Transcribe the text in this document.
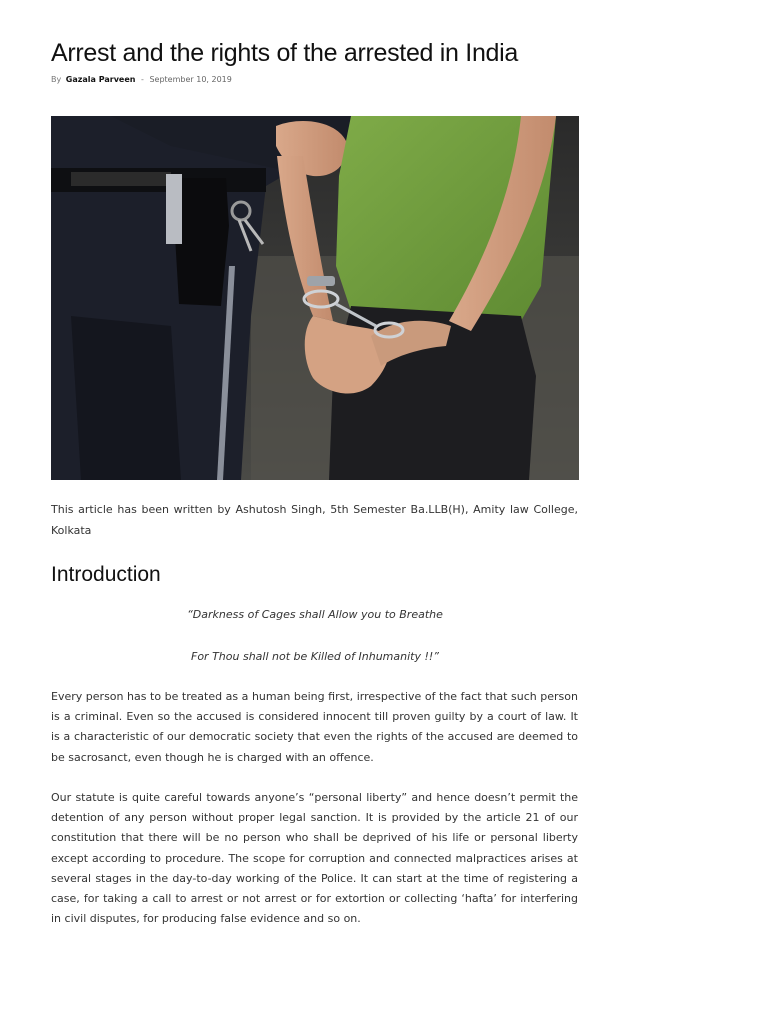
Arrest and the rights of the arrested in India
By Gazala Parveen - September 10, 2019

This article has been written by Ashutosh Singh, 5th Semester Ba.LLB(H), Amity law College, Kolkata

Introduction

“Darkness of Cages shall Allow you to Breathe

For Thou shall not be Killed of Inhumanity !!”

Every person has to be treated as a human being first, irrespective of the fact that such person is a criminal. Even so the accused is considered innocent till proven guilty by a court of law. It is a characteristic of our democratic society that even the rights of the accused are deemed to be sacrosanct, even though he is charged with an offence.

Our statute is quite careful towards anyone’s “personal liberty” and hence doesn’t permit the detention of any person without proper legal sanction. It is provided by the article 21 of our constitution that there will be no person who shall be deprived of his life or personal liberty except according to procedure. The scope for corruption and connected malpractices arises at several stages in the day-to-day working of the Police. It can start at the time of registering a case, for taking a call to arrest or not arrest or for extortion or collecting ‘hafta’ for interfering in civil disputes, for producing false evidence and so on.
